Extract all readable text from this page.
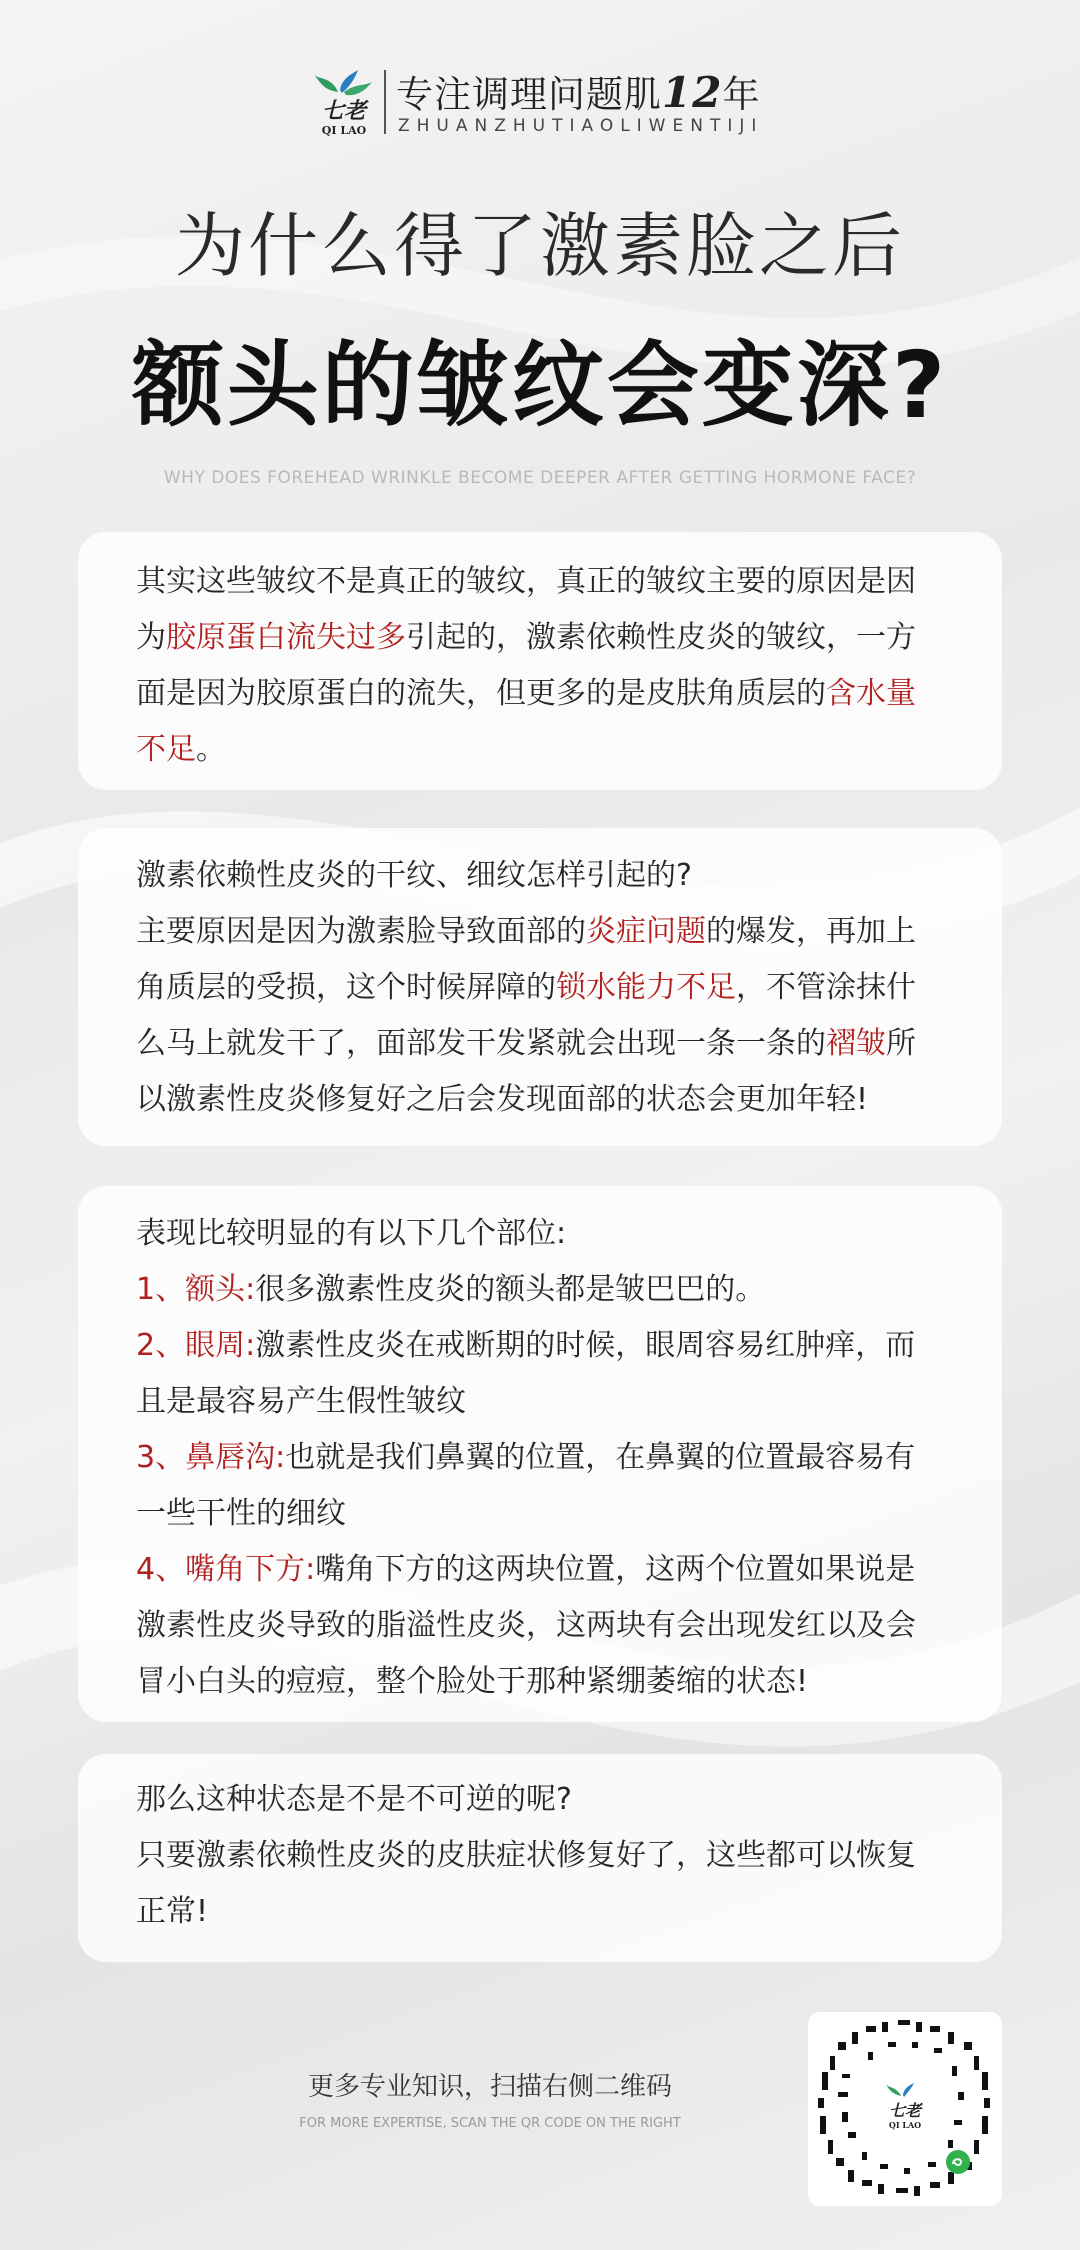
七老
QI LAO
专注调理问题肌12年
ZHUANZHUTIAOLIWENTIJI
为什么得了激素脸之后
额头的皱纹会变深?
WHY DOES FOREHEAD WRINKLE BECOME DEEPER AFTER GETTING HORMONE FACE?

其实这些皱纹不是真正的皱纹，真正的皱纹主要的原因是因为胶原蛋白流失过多引起的，激素依赖性皮炎的皱纹，一方面是因为胶原蛋白的流失，但更多的是皮肤角质层的含水量不足。

激素依赖性皮炎的干纹、细纹怎样引起的?

主要原因是因为激素脸导致面部的炎症问题的爆发，再加上角质层的受损，这个时候屏障的锁水能力不足，不管涂抹什么马上就发干了，面部发干发紧就会出现一条一条的褶皱所以激素性皮炎修复好之后会发现面部的状态会更加年轻!

表现比较明显的有以下几个部位:

1、额头:很多激素性皮炎的额头都是皱巴巴的。

2、眼周:激素性皮炎在戒断期的时候，眼周容易红肿痒，而且是最容易产生假性皱纹

3、鼻唇沟:也就是我们鼻翼的位置，在鼻翼的位置最容易有一些干性的细纹

4、嘴角下方:嘴角下方的这两块位置，这两个位置如果说是激素性皮炎导致的脂溢性皮炎，这两块有会出现发红以及会冒小白头的痘痘，整个脸处于那种紧绷萎缩的状态!

那么这种状态是不是不可逆的呢?

只要激素依赖性皮炎的皮肤症状修复好了，这些都可以恢复正常!

更多专业知识，扫描右侧二维码
FOR MORE EXPERTISE, SCAN THE QR CODE ON THE RIGHT
七老
QI LAO
